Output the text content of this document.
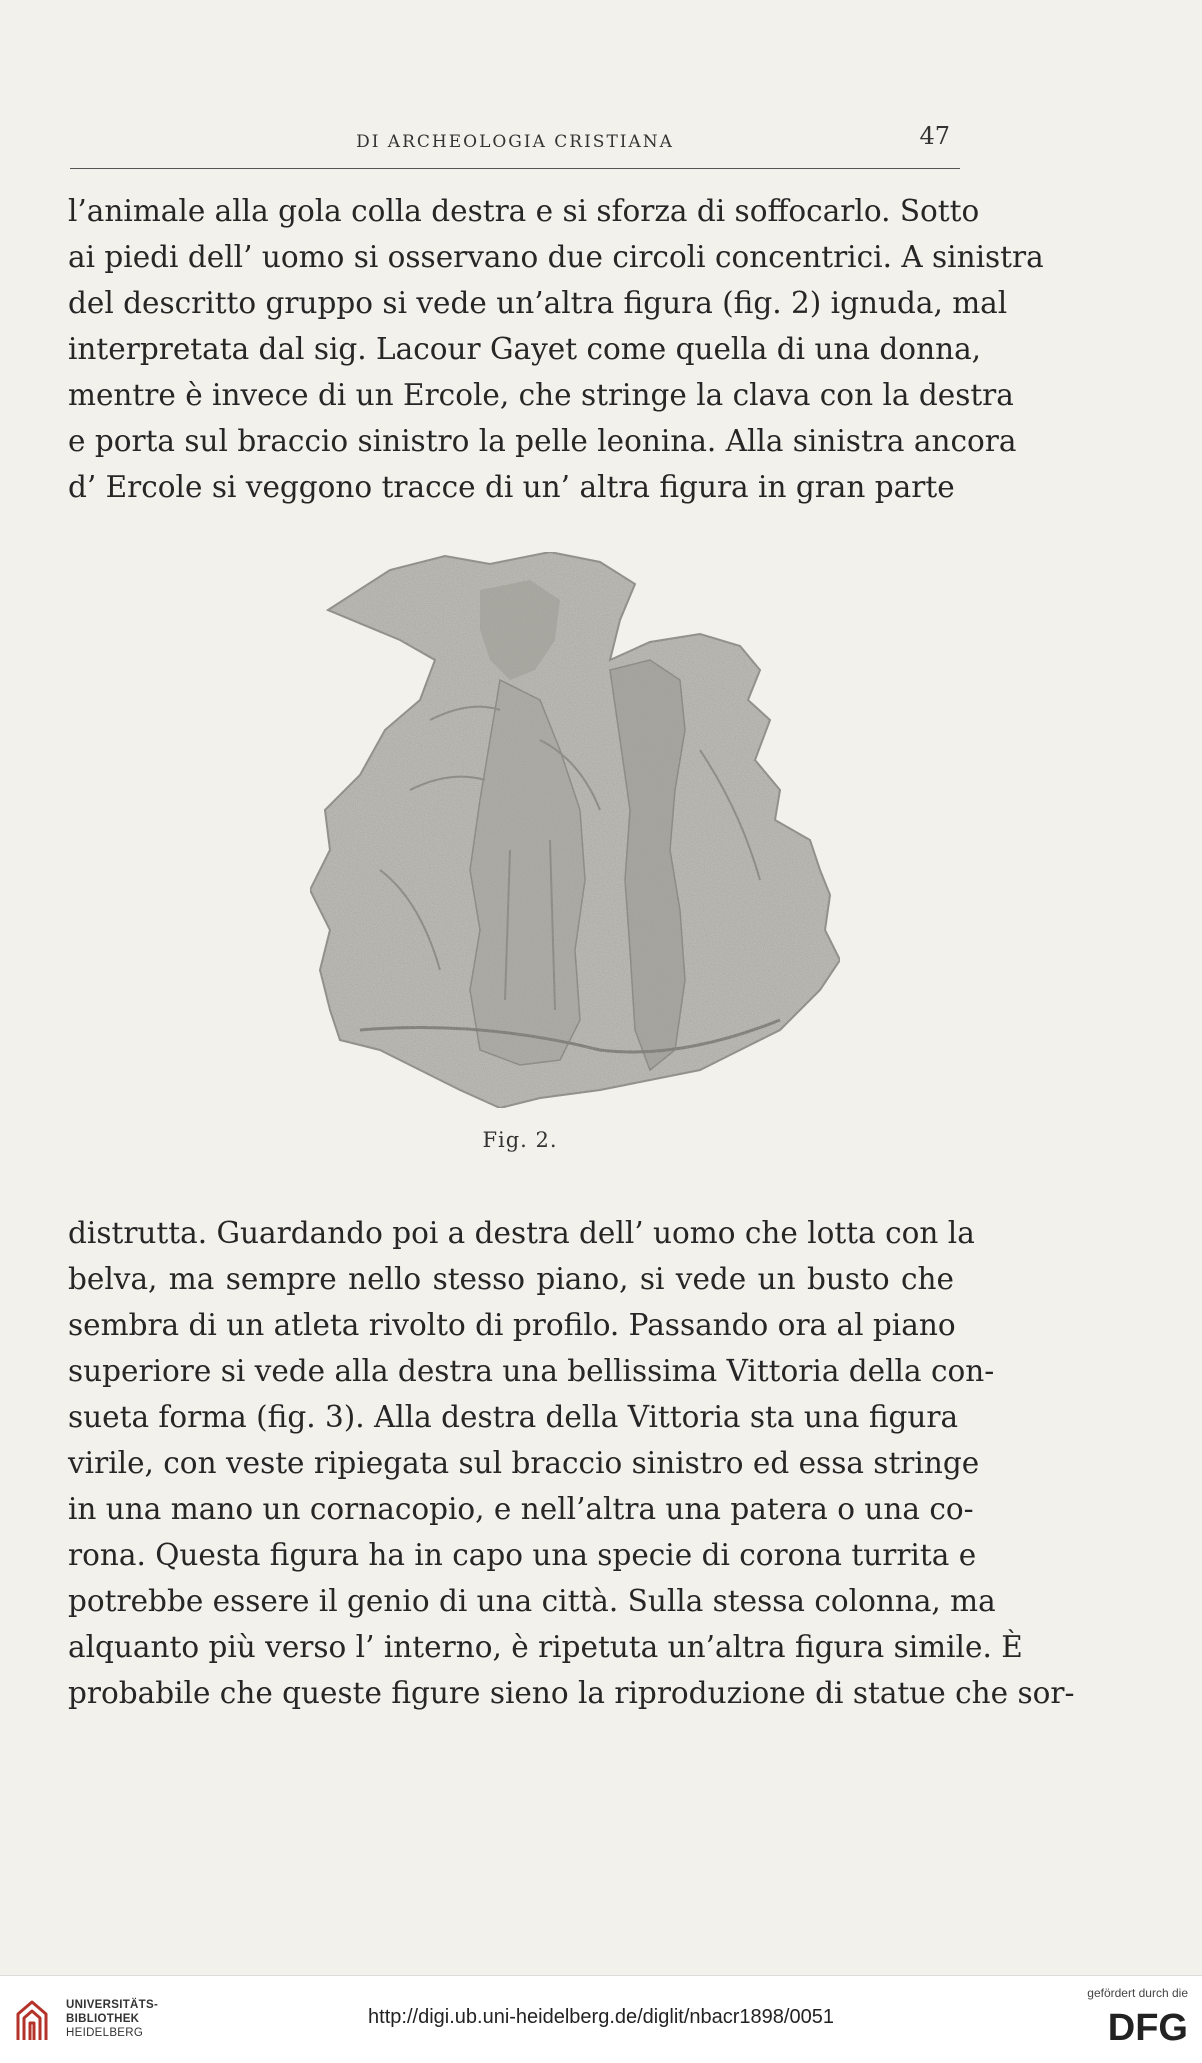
DI ARCHEOLOGIA CRISTIANA	47
l’animale alla gola colla destra e si sforza di soffocarlo. Sotto
ai piedi dell’ uomo si osservano due circoli concentrici. A sinistra
del descritto gruppo si vede un’altra figura (fig. 2) ignuda, mal
interpretata dal sig. Lacour Gayet come quella di una donna,
mentre è invece di un Ercole, che stringe la clava con la destra
e porta sul braccio sinistro la pelle leonina. Alla sinistra ancora
d’ Ercole si veggono tracce di un’ altra figura in gran parte
Fig. 2.
distrutta. Guardando poi a destra dell’ uomo che lotta con la
belva, ma sempre nello stesso piano, si vede un busto che
sembra di un atleta rivolto di profilo. Passando ora al piano
superiore si vede alla destra una bellissima Vittoria della con-
sueta forma (fig. 3). Alla destra della Vittoria sta una figura
virile, con veste ripiegata sul braccio sinistro ed essa stringe
in una mano un cornacopio, e nell’altra una patera o una co-
rona. Questa figura ha in capo una specie di corona turrita e
potrebbe essere il genio di una città. Sulla stessa colonna, ma
alquanto più verso l’ interno, è ripetuta un’altra figura simile. È
probabile che queste figure sieno la riproduzione di statue che sor-
UNIVERSITÄTS-
BIBLIOTHEK
HEIDELBERG
http://digi.ub.uni-heidelberg.de/diglit/nbacr1898/0051
gefördert durch die
DFG
